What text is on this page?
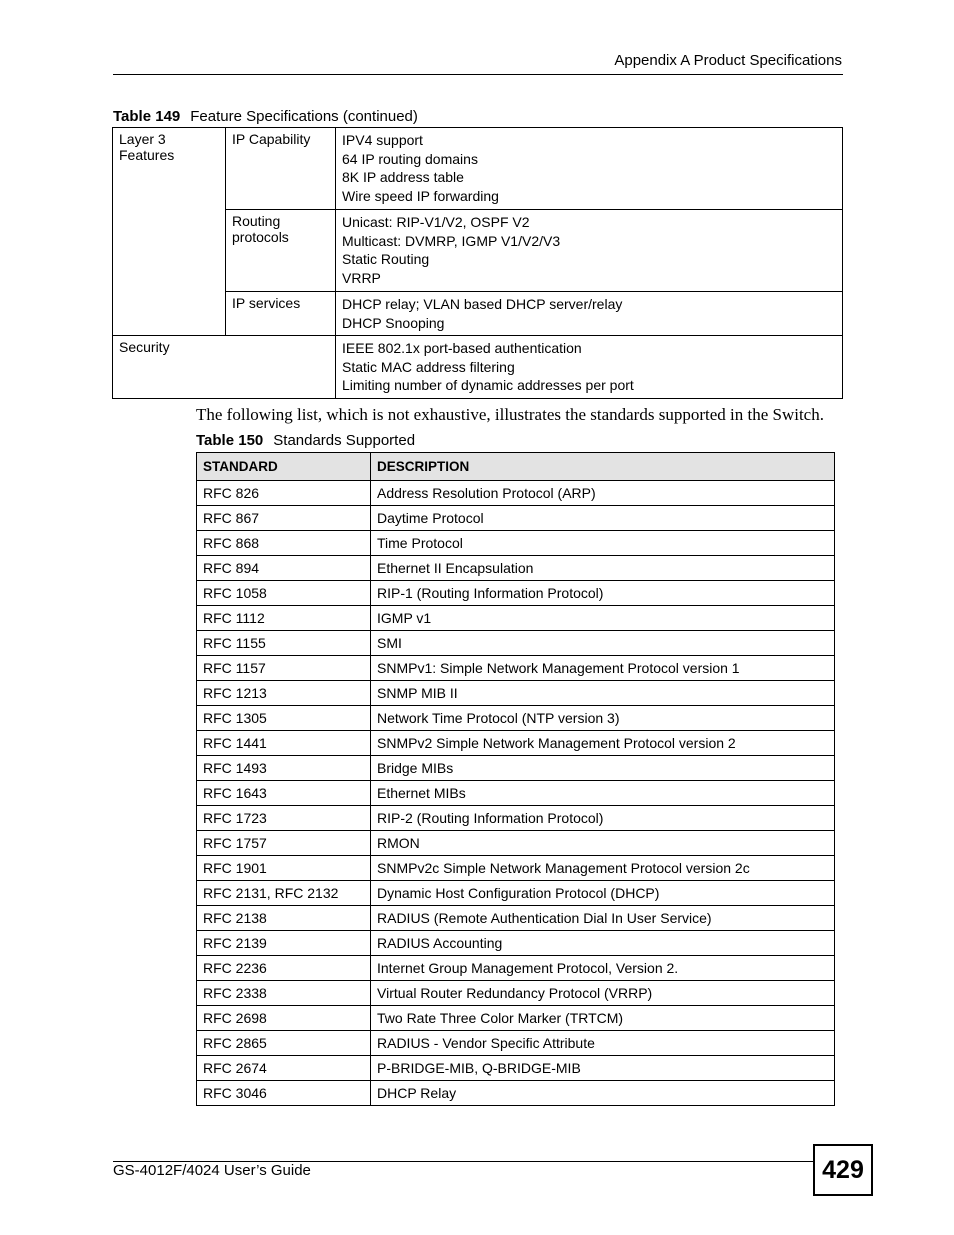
Appendix A Product Specifications
Table 149 Feature Specifications (continued)
Layer 3 Features	IP Capability	IPV4 support
64 IP routing domains
8K IP address table
Wire speed IP forwarding

	Routing protocols	Unicast: RIP-V1/V2, OSPF V2
Multicast: DVMRP, IGMP V1/V2/V3
Static Routing
VRRP

	IP services	DHCP relay; VLAN based DHCP server/relay
DHCP Snooping

Security		IEEE 802.1x port-based authentication
Static MAC address filtering
Limiting number of dynamic addresses per port
The following list, which is not exhaustive, illustrates the standards supported in the Switch.
Table 150 Standards Supported
STANDARD	DESCRIPTION
RFC 826	Address Resolution Protocol (ARP)
RFC 867	Daytime Protocol
RFC 868	Time Protocol
RFC 894	Ethernet II Encapsulation
RFC 1058	RIP-1 (Routing Information Protocol)
RFC 1112	IGMP v1
RFC 1155	SMI
RFC 1157	SNMPv1: Simple Network Management Protocol version 1
RFC 1213	SNMP MIB II
RFC 1305	Network Time Protocol (NTP version 3)
RFC 1441	SNMPv2 Simple Network Management Protocol version 2
RFC 1493	Bridge MIBs
RFC 1643	Ethernet MIBs
RFC 1723	RIP-2 (Routing Information Protocol)
RFC 1757	RMON
RFC 1901	SNMPv2c Simple Network Management Protocol version 2c
RFC 2131, RFC 2132	Dynamic Host Configuration Protocol (DHCP)
RFC 2138	RADIUS (Remote Authentication Dial In User Service)
RFC 2139	RADIUS Accounting
RFC 2236	Internet Group Management Protocol, Version 2.
RFC 2338	Virtual Router Redundancy Protocol (VRRP)
RFC 2698	Two Rate Three Color Marker (TRTCM)
RFC 2865	RADIUS - Vendor Specific Attribute
RFC 2674	P-BRIDGE-MIB, Q-BRIDGE-MIB
RFC 3046	DHCP Relay
GS-4012F/4024 User’s Guide	429
